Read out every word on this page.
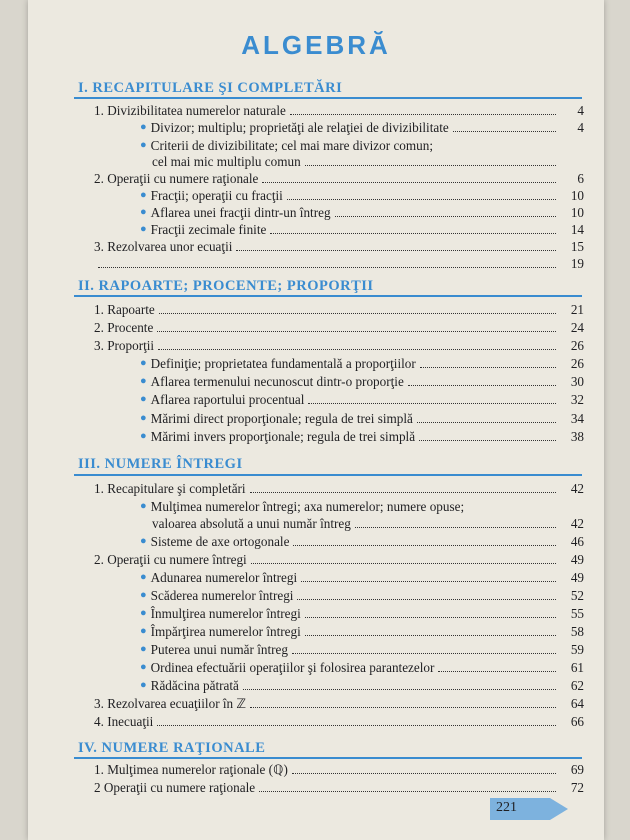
ALGEBRĂ
I. RECAPITULARE ŞI COMPLETĂRI
1. Divizibilitatea numerelor naturale	4
● Divizor; multiplu; proprietăţi ale relaţiei de divizibilitate	4
● Criterii de divizibilitate; cel mai mare divizor comun;
cel mai mic multiplu comun
2. Operaţii cu numere raţionale	6
● Fracţii; operaţii cu fracţii	10
● Aflarea unei fracţii dintr-un întreg	10
● Fracţii zecimale finite	14
3. Rezolvarea unor ecuaţii	15
19
II. RAPOARTE; PROCENTE; PROPORŢII
1. Rapoarte	21
2. Procente	24
3. Proporţii	26
● Definiţie; proprietatea fundamentală a proporţiilor	26
● Aflarea termenului necunoscut dintr-o proporţie	30
● Aflarea raportului procentual	32
● Mărimi direct proporţionale; regula de trei simplă	34
● Mărimi invers proporţionale; regula de trei simplă	38
III. NUMERE ÎNTREGI
1. Recapitulare şi completări	42
● Mulţimea numerelor întregi; axa numerelor; numere opuse;
valoarea absolută a unui număr întreg	42
● Sisteme de axe ortogonale	46
2. Operaţii cu numere întregi	49
● Adunarea numerelor întregi	49
● Scăderea numerelor întregi	52
● Înmulţirea numerelor întregi	55
● Împărţirea numerelor întregi	58
● Puterea unui număr întreg	59
● Ordinea efectuării operaţiilor şi folosirea parantezelor	61
● Rădăcina pătrată	62
3. Rezolvarea ecuaţiilor în ℤ	64
4. Inecuaţii	66
IV. NUMERE RAŢIONALE
1. Mulţimea numerelor raţionale (ℚ)	69
2 Operaţii cu numere raţionale	72
221
